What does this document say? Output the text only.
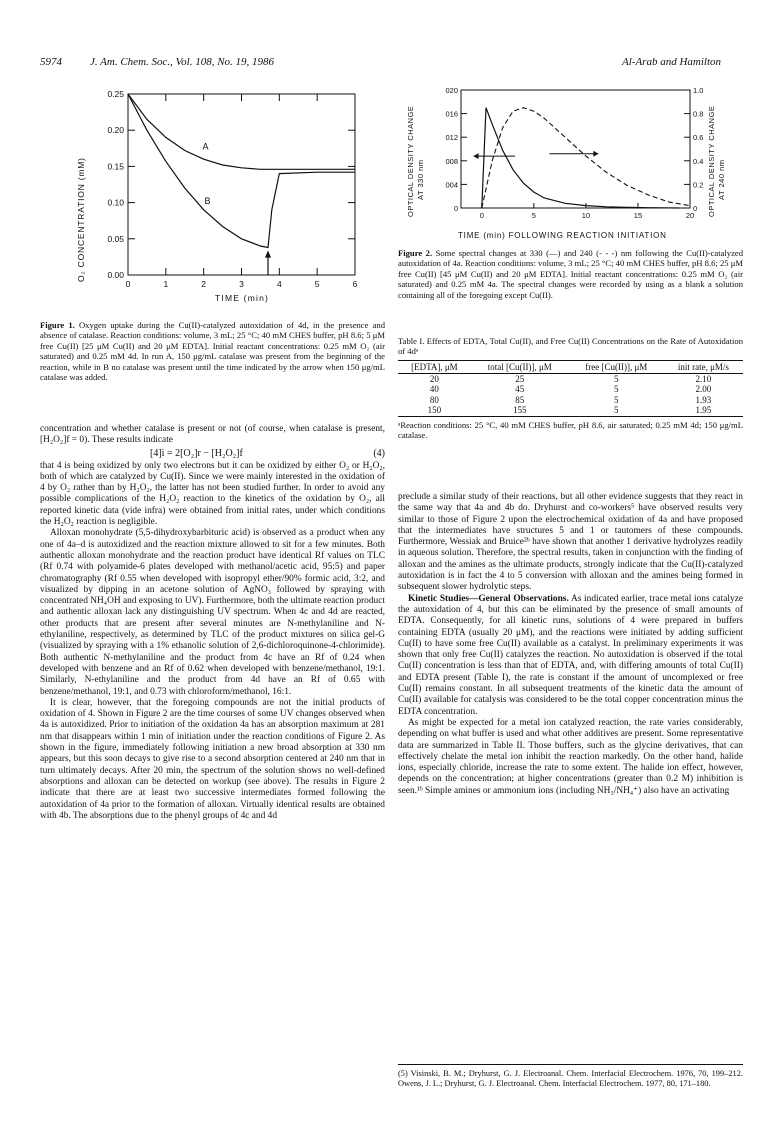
5974	J. Am. Chem. Soc., Vol. 108, No. 19, 1986	Al-Arab and Hamilton
O₂ CONCENTRATION (mM)
TIME (min)
0.00
0.05
0.10
0.15
0.20
0.25
0	1	2	3	4	5	6
A
B
Figure 1. Oxygen uptake during the Cu(II)-catalyzed autoxidation of 4d, in the presence and absence of catalase. Reaction conditions: volume, 3 mL; 25 °C; 40 mM CHES buffer, pH 8.6; 5 μM free Cu(II) [25 μM Cu(II) and 20 μM EDTA]. Initial reactant concentrations: 0.25 mM O₂ (air saturated) and 0.25 mM 4d. In run A, 150 μg/mL catalase was present from the beginning of the reaction, while in B no catalase was present until the time indicated by the arrow when 150 μg/mL catalase was added.

concentration and whether catalase is present or not (of course, when catalase is present, [H₂O₂]f = 0). These results indicate

[4]i = 2[O₂]r − [H₂O₂]f	(4)

that 4 is being oxidized by only two electrons but it can be oxidized by either O₂ or H₂O₂, both of which are catalyzed by Cu(II). Since we were mainly interested in the oxidation of 4 by O₂ rather than by H₂O₂, the latter has not been studied further. In order to avoid any possible complications of the H₂O₂ reaction to the kinetics of the oxidation by O₂, all reported kinetic data (vide infra) were obtained from initial rates, under which conditions the H₂O₂ reaction is negligible.

Alloxan monohydrate (5,5-dihydroxybarbituric acid) is observed as a product when any one of 4a–d is autoxidized and the reaction mixture allowed to sit for a few minutes. Both authentic alloxan monohydrate and the reaction product have identical Rf values on TLC (Rf 0.74 with polyamide-6 plates developed with methanol/acetic acid, 95:5) and paper chromatography (Rf 0.55 when developed with isopropyl ether/90% formic acid, 3:2, and visualized by dipping in an acetone solution of AgNO₃ followed by spraying with concentrated NH₄OH and exposing to UV). Furthermore, both the ultimate reaction product and authentic alloxan lack any distinguishing UV spectrum. When 4c and 4d are reacted, other products that are present after several minutes are N-methylaniline and N-ethylaniline, respectively, as determined by TLC of the product mixtures on silica gel-G (visualized by spraying with a 1% ethanolic solution of 2,6-dichloroquinone-4-chlorimide). Both authentic N-methylaniline and the product from 4c have an Rf of 0.24 when developed with benzene and an Rf of 0.62 when developed with benzene/methanol, 19:1. Similarly, N-ethylaniline and the product from 4d have an Rf of 0.65 with benzene/methanol, 19:1, and 0.73 with chloroform/methanol, 16:1.

It is clear, however, that the foregoing compounds are not the initial products of oxidation of 4. Shown in Figure 2 are the time courses of some UV changes observed when 4a is autoxidized. Prior to initiation of the oxidation 4a has an absorption maximum at 281 nm that disappears within 1 min of initiation under the reaction conditions of Figure 2. As shown in the figure, immediately following initiation a new broad absorption at 330 nm appears, but this soon decays to give rise to a second absorption centered at 240 nm that in turn ultimately decays. After 20 min, the spectrum of the solution shows no well-defined absorptions and alloxan can be detected on workup (see above). The results in Figure 2 indicate that there are at least two successive intermediates formed following the autoxidation of 4a prior to the formation of alloxan. Virtually identical results are obtained with 4b. The absorptions due to the phenyl groups of 4c and 4d

OPTICAL DENSITY CHANGE AT 330 nm	OPTICAL DENSITY CHANGE AT 240 nm
TIME (min) FOLLOWING REACTION INITIATION
0
004
008
012
016
020
0
0.2
0.4
0.6
0.8
1.0
0	5	10	15	20
Figure 2. Some spectral changes at 330 (—) and 240 (- - -) nm following the Cu(II)-catalyzed autoxidation of 4a. Reaction conditions: volume, 3 mL; 25 °C; 40 mM CHES buffer, pH 8.6; 25 μM free Cu(II) [45 μM Cu(II) and 20 μM EDTA]. Initial reactant concentrations: 0.25 mM O₂ (air saturated) and 0.25 mM 4a. The spectral changes were recorded by using as a blank a solution containing all of the foregoing except Cu(II).
Table I. Effects of EDTA, Total Cu(II), and Free Cu(II) Concentrations on the Rate of Autoxidation of 4dᵃ
[EDTA], μM	total [Cu(II)], μM	free [Cu(II)], μM	init rate, μM/s
20	25	5	2.10
40	45	5	2.00
80	85	5	1.93
150	155	5	1.95
ᵃReaction conditions: 25 °C, 40 mM CHES buffer, pH 8.6, air saturated; 0.25 mM 4d; 150 μg/mL catalase.

preclude a similar study of their reactions, but all other evidence suggests that they react in the same way that 4a and 4b do. Dryhurst and co-workers⁵ have observed results very similar to those of Figure 2 upon the electrochemical oxidation of 4a and have proposed that the intermediates have structures 5 and 1 or tautomers of these compounds. Furthermore, Wessiak and Bruice²ᵇ have shown that another 1 derivative hydrolyzes readily in aqueous solution. Therefore, the spectral results, taken in conjunction with the finding of alloxan and the amines as the ultimate products, strongly indicate that the Cu(II)-catalyzed autoxidation is in fact the 4 to 5 conversion with alloxan and the amines being formed in subsequent slower hydrolytic steps.

Kinetic Studies—General Observations. As indicated earlier, trace metal ions catalyze the autoxidation of 4, but this can be eliminated by the presence of small amounts of EDTA. Consequently, for all kinetic runs, solutions of 4 were prepared in buffers containing EDTA (usually 20 μM), and the reactions were initiated by adding sufficient Cu(II) to have some free Cu(II) available as a catalyst. In preliminary experiments it was shown that only free Cu(II) catalyzes the reaction. No autoxidation is observed if the total Cu(II) concentration is less than that of EDTA, and, with differing amounts of total Cu(II) and EDTA present (Table I), the rate is constant if the amount of uncomplexed or free Cu(II) remains constant. In all subsequent treatments of the kinetic data the amount of Cu(II) available for catalysis was considered to be the total copper concentration minus the EDTA concentration.

As might be expected for a metal ion catalyzed reaction, the rate varies considerably, depending on what buffer is used and what other additives are present. Some representative data are summarized in Table II. Those buffers, such as the glycine derivatives, that can effectively chelate the metal ion inhibit the reaction markedly. On the other hand, halide ions, especially chloride, increase the rate to some extent. The halide ion effect, however, depends on the concentration; at higher concentrations (greater than 0.2 M) inhibition is seen.¹ᵇ Simple amines or ammonium ions (including NH₃/NH₄⁺) also have an activating

(5) Visinski, B. M.; Dryhurst, G. J. Electroanal. Chem. Interfacial Electrochem. 1976, 70, 199–212. Owens, J. L.; Dryhurst, G. J. Electroanal. Chem. Interfacial Electrochem. 1977, 80, 171–180.
